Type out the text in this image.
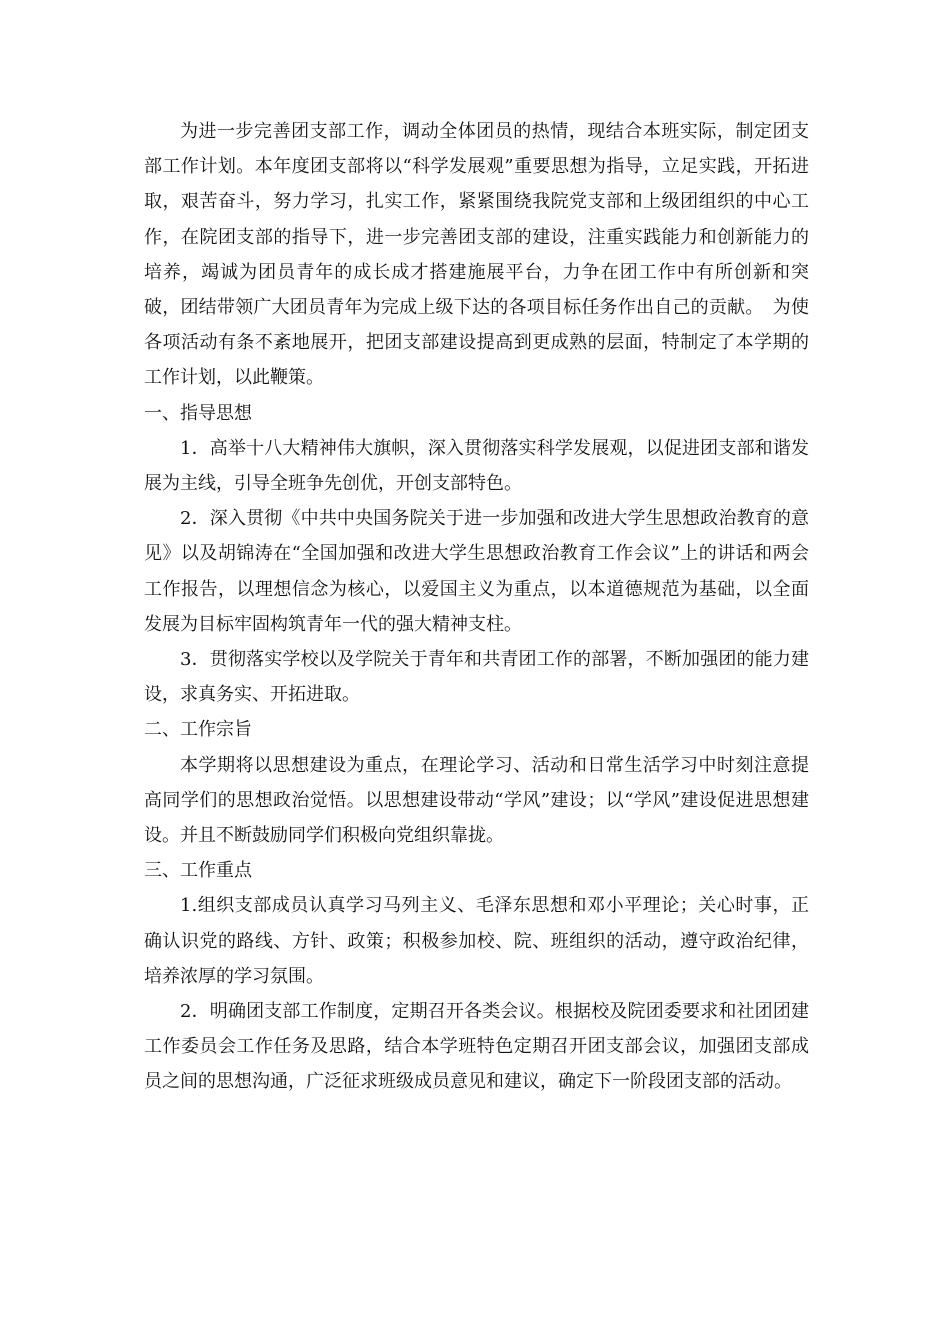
为进一步完善团支部工作，调动全体团员的热情，现结合本班实际，制定团支部工作计划。本年度团支部将以“科学发展观”重要思想为指导，立足实践，开拓进取，艰苦奋斗，努力学习，扎实工作，紧紧围绕我院党支部和上级团组织的中心工作，在院团支部的指导下，进一步完善团支部的建设，注重实践能力和创新能力的培养，竭诚为团员青年的成长成才搭建施展平台，力争在团工作中有所创新和突破，团结带领广大团员青年为完成上级下达的各项目标任务作出自己的贡献。　为使各项活动有条不紊地展开，把团支部建设提高到更成熟的层面，特制定了本学期的工作计划，以此鞭策。

一、指导思想

1．高举十八大精神伟大旗帜，深入贯彻落实科学发展观，以促进团支部和谐发展为主线，引导全班争先创优，开创支部特色。

2．深入贯彻《中共中央国务院关于进一步加强和改进大学生思想政治教育的意见》以及胡锦涛在“全国加强和改进大学生思想政治教育工作会议”上的讲话和两会工作报告，以理想信念为核心，以爱国主义为重点，以本道德规范为基础，以全面发展为目标牢固构筑青年一代的强大精神支柱。

3．贯彻落实学校以及学院关于青年和共青团工作的部署，不断加强团的能力建设，求真务实、开拓进取。

二、工作宗旨

本学期将以思想建设为重点，在理论学习、活动和日常生活学习中时刻注意提高同学们的思想政治觉悟。以思想建设带动“学风”建设；以“学风”建设促进思想建设。并且不断鼓励同学们积极向党组织靠拢。

三、工作重点

1.组织支部成员认真学习马列主义、毛泽东思想和邓小平理论；关心时事，正确认识党的路线、方针、政策；积极参加校、院、班组织的活动，遵守政治纪律，培养浓厚的学习氛围。

2．明确团支部工作制度，定期召开各类会议。根据校及院团委要求和社团团建工作委员会工作任务及思路，结合本学班特色定期召开团支部会议，加强团支部成员之间的思想沟通，广泛征求班级成员意见和建议，确定下一阶段团支部的活动。
